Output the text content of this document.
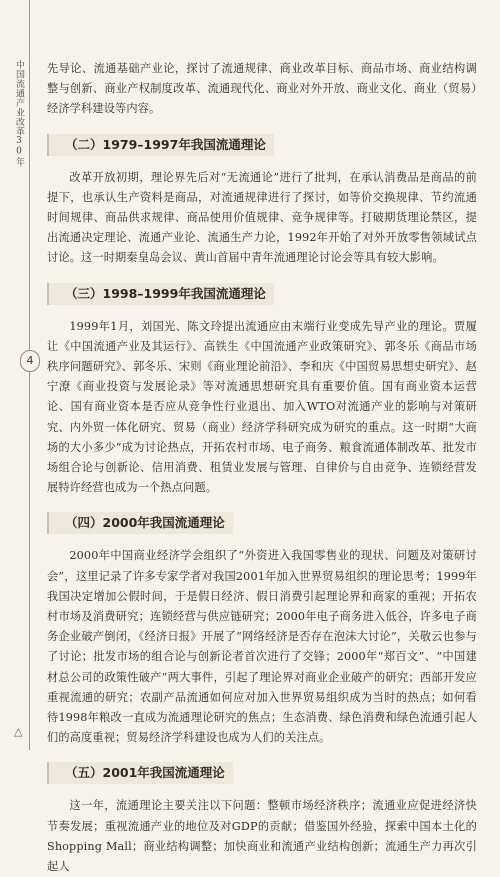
中国流通产业改革30年
4
△

先导论、流通基础产业论，探讨了流通规律、商业改革目标、商品市场、商业结构调整与创新、商业产权制度改革、流通现代化、商业对外开放、商业文化、商业（贸易）经济学科建设等内容。

（二）1979–1997年我国流通理论

改革开放初期，理论界先后对“无流通论”进行了批判，在承认消费品是商品的前提下，也承认生产资料是商品，对流通规律进行了探讨，如等价交换规律、节约流通时间规律、商品供求规律、商品使用价值规律、竞争规律等。打破期货理论禁区，提出流通决定理论、流通产业论、流通生产力论，1992年开始了对外开放零售领域试点讨论。这一时期秦皇岛会议、黄山首届中青年流通理论讨论会等具有较大影响。

（三）1998–1999年我国流通理论

1999年1月，刘国光、陈文玲提出流通应由末端行业变成先导产业的理论。贾履让《中国流通产业及其运行》、高铁生《中国流通产业政策研究》、郭冬乐《商品市场秩序问题研究》、郭冬乐、宋则《商业理论前沿》、李和庆《中国贸易思想史研究》、赵宁潦《商业投资与发展论录》等对流通思想研究具有重要价值。国有商业资本运营论、国有商业资本是否应从竞争性行业退出、加入WTO对流通产业的影响与对策研究、内外贸一体化研究、贸易（商业）经济学科研究成为研究的重点。这一时期“大商场的大小多少”成为讨论热点，开拓农村市场、电子商务、粮食流通体制改革、批发市场组合论与创新论、信用消费、租赁业发展与管理、自律价与自由竞争、连锁经营发展特许经营也成为一个热点问题。

（四）2000年我国流通理论

2000年中国商业经济学会组织了“外资进入我国零售业的现状、问题及对策研讨会”，这里记录了许多专家学者对我国2001年加入世界贸易组织的理论思考；1999年我国决定增加公假时间，于是假日经济、假日消费引起理论界和商家的重视；开拓农村市场及消费研究；连锁经营与供应链研究；2000年电子商务进入低谷，许多电子商务企业破产倒闭，《经济日报》开展了“网络经济是否存在泡沫大讨论”，关敬云也参与了讨论；批发市场的组合论与创新论者首次进行了交锋；2000年“郑百文”、“中国建材总公司的政策性破产”两大事件，引起了理论界对商业企业破产的研究；西部开发应重视流通的研究；农副产品流通如何应对加入世界贸易组织成为当时的热点；如何看待1998年粮改一直成为流通理论研究的焦点；生态消费、绿色消费和绿色流通引起人们的高度重视；贸易经济学科建设也成为人们的关注点。

（五）2001年我国流通理论

这一年，流通理论主要关注以下问题：整顿市场经济秩序；流通业应促进经济快节奏发展；重视流通产业的地位及对GDP的贡献；借鉴国外经验，探索中国本土化的Shopping Mall；商业结构调整；加快商业和流通产业结构创新；流通生产力再次引起人
